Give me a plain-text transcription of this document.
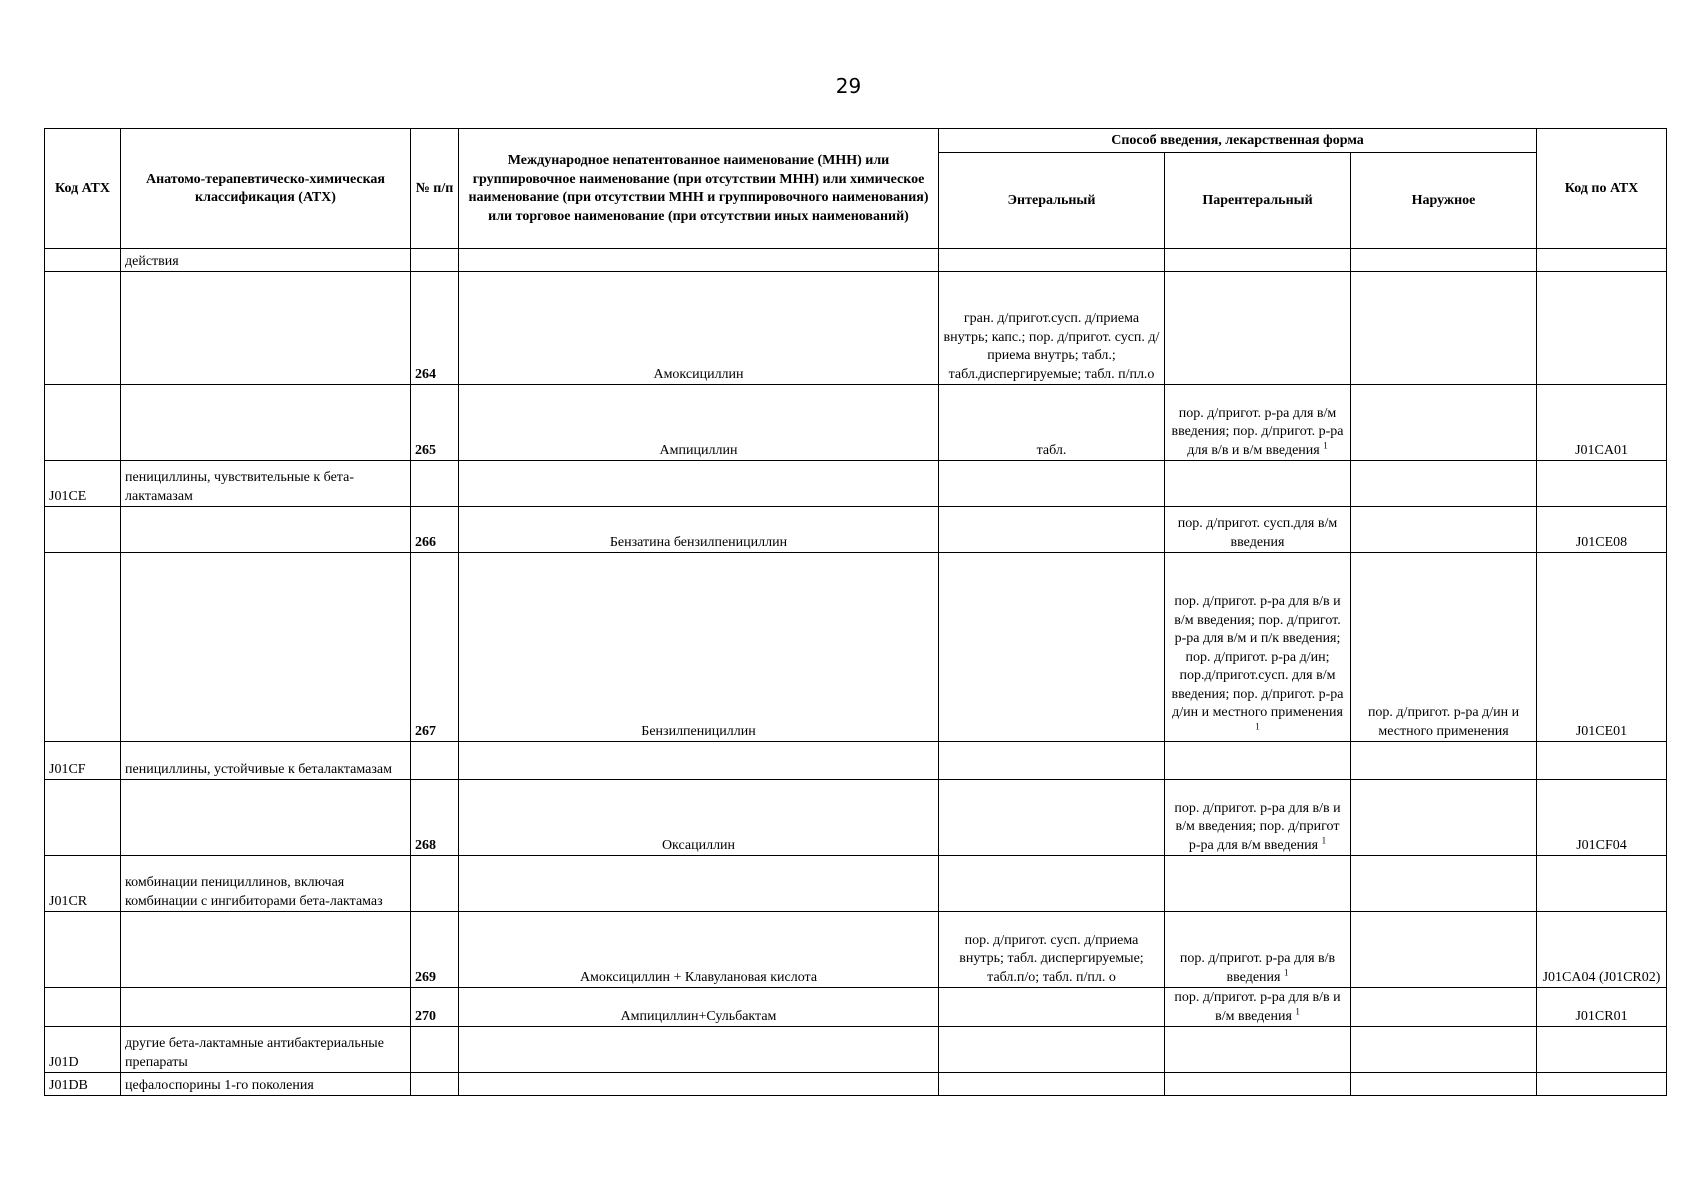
29
Код АТХ	Анатомо-терапевтическо-химическая классификация (АТХ)	№ п/п	Международное непатентованное наименование (МНН) или группировочное наименование (при отсутствии МНН) или химическое наименование (при отсутствии МНН и группировочного наименования) или торговое наименование (при отсутствии иных наименований)	Способ введения, лекарственная форма			Код по АТХ
				Энтеральный	Парентеральный	Наружное	
	действия						
		264	Амоксициллин	гран. д/пригот.сусп. д/приема внутрь; капс.; пор. д/пригот. сусп. д/приема внутрь; табл.; табл.диспергируемые; табл. п/пл.о			
		265	Ампициллин	табл.	пор. д/пригот. р-ра для в/м введения; пор. д/пригот. р-ра для в/в и в/м введения $^1$		J01CA01
J01CE	пенициллины, чувствительные к бета-лактамазам						
		266	Бензатина бензилпенициллин		пор. д/пригот. сусп.для в/м введения		J01CE08
		267	Бензилпенициллин		пор. д/пригот. р-ра для в/в и в/м введения; пор. д/пригот. р-ра для в/м и п/к введения; пор. д/пригот. р-ра д/ин; пор.д/пригот.сусп. для в/м введения; пор. д/пригот. р-ра д/ин и местного применения $^1$	пор. д/пригот. р-ра д/ин и местного применения	J01CE01
J01CF	пенициллины, устойчивые к беталактамазам						
		268	Оксациллин		пор. д/пригот. р-ра для в/в и в/м введения; пор. д/пригот р-ра для в/м введения $^1$		J01CF04
J01CR	комбинации пенициллинов, включая комбинации с ингибиторами бета-лактамаз						
		269	Амоксициллин + Клавулановая кислота	пор. д/пригот. сусп. д/приема внутрь; табл. диспергируемые; табл.п/о; табл. п/пл. о	пор. д/пригот. р-ра для в/в введения $^1$		J01CA04 (J01CR02)
		270	Ампициллин+Сульбактам		пор. д/пригот. р-ра для в/в и в/м введения $^1$		J01CR01
J01D	другие бета-лактамные антибактериальные препараты						
J01DB	цефалоспорины 1-го поколения						
